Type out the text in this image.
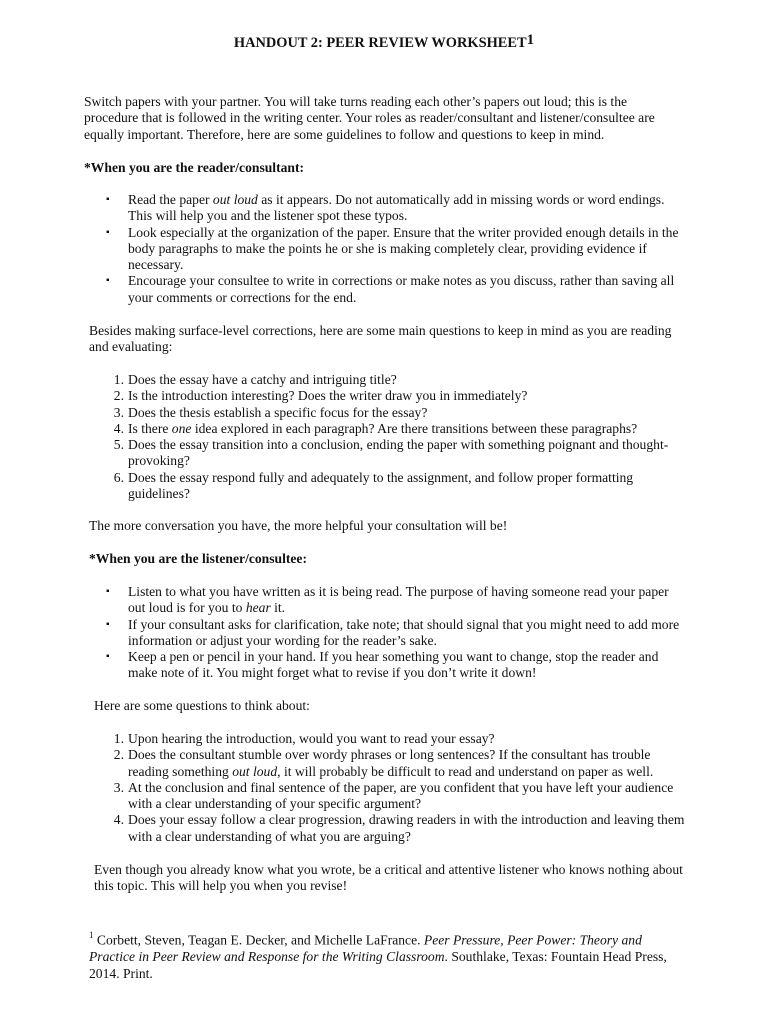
HANDOUT 2: PEER REVIEW WORKSHEET$^1$

Switch papers with your partner. You will take turns reading each other’s papers out loud; this is the procedure that is followed in the writing center. Your roles as reader/consultant and listener/consultee are equally important. Therefore, here are some guidelines to follow and questions to keep in mind.

*When you are the reader/consultant:

▪ Read the paper out loud as it appears. Do not automatically add in missing words or word endings. This will help you and the listener spot these typos.
▪ Look especially at the organization of the paper. Ensure that the writer provided enough details in the body paragraphs to make the points he or she is making completely clear, providing evidence if necessary.
▪ Encourage your consultee to write in corrections or make notes as you discuss, rather than saving all your comments or corrections for the end.

Besides making surface-level corrections, here are some main questions to keep in mind as you are reading and evaluating:

1. Does the essay have a catchy and intriguing title?
2. Is the introduction interesting? Does the writer draw you in immediately?
3. Does the thesis establish a specific focus for the essay?
4. Is there one idea explored in each paragraph? Are there transitions between these paragraphs?
5. Does the essay transition into a conclusion, ending the paper with something poignant and thought-provoking?
6. Does the essay respond fully and adequately to the assignment, and follow proper formatting guidelines?

The more conversation you have, the more helpful your consultation will be!

*When you are the listener/consultee:

▪ Listen to what you have written as it is being read. The purpose of having someone read your paper out loud is for you to hear it.
▪ If your consultant asks for clarification, take note; that should signal that you might need to add more information or adjust your wording for the reader’s sake.
▪ Keep a pen or pencil in your hand. If you hear something you want to change, stop the reader and make note of it. You might forget what to revise if you don’t write it down!

Here are some questions to think about:

1. Upon hearing the introduction, would you want to read your essay?
2. Does the consultant stumble over wordy phrases or long sentences? If the consultant has trouble reading something out loud, it will probably be difficult to read and understand on paper as well.
3. At the conclusion and final sentence of the paper, are you confident that you have left your audience with a clear understanding of your specific argument?
4. Does your essay follow a clear progression, drawing readers in with the introduction and leaving them with a clear understanding of what you are arguing?

Even though you already know what you wrote, be a critical and attentive listener who knows nothing about this topic. This will help you when you revise!

$^1$ Corbett, Steven, Teagan E. Decker, and Michelle LaFrance. Peer Pressure, Peer Power: Theory and Practice in Peer Review and Response for the Writing Classroom. Southlake, Texas: Fountain Head Press, 2014. Print.
